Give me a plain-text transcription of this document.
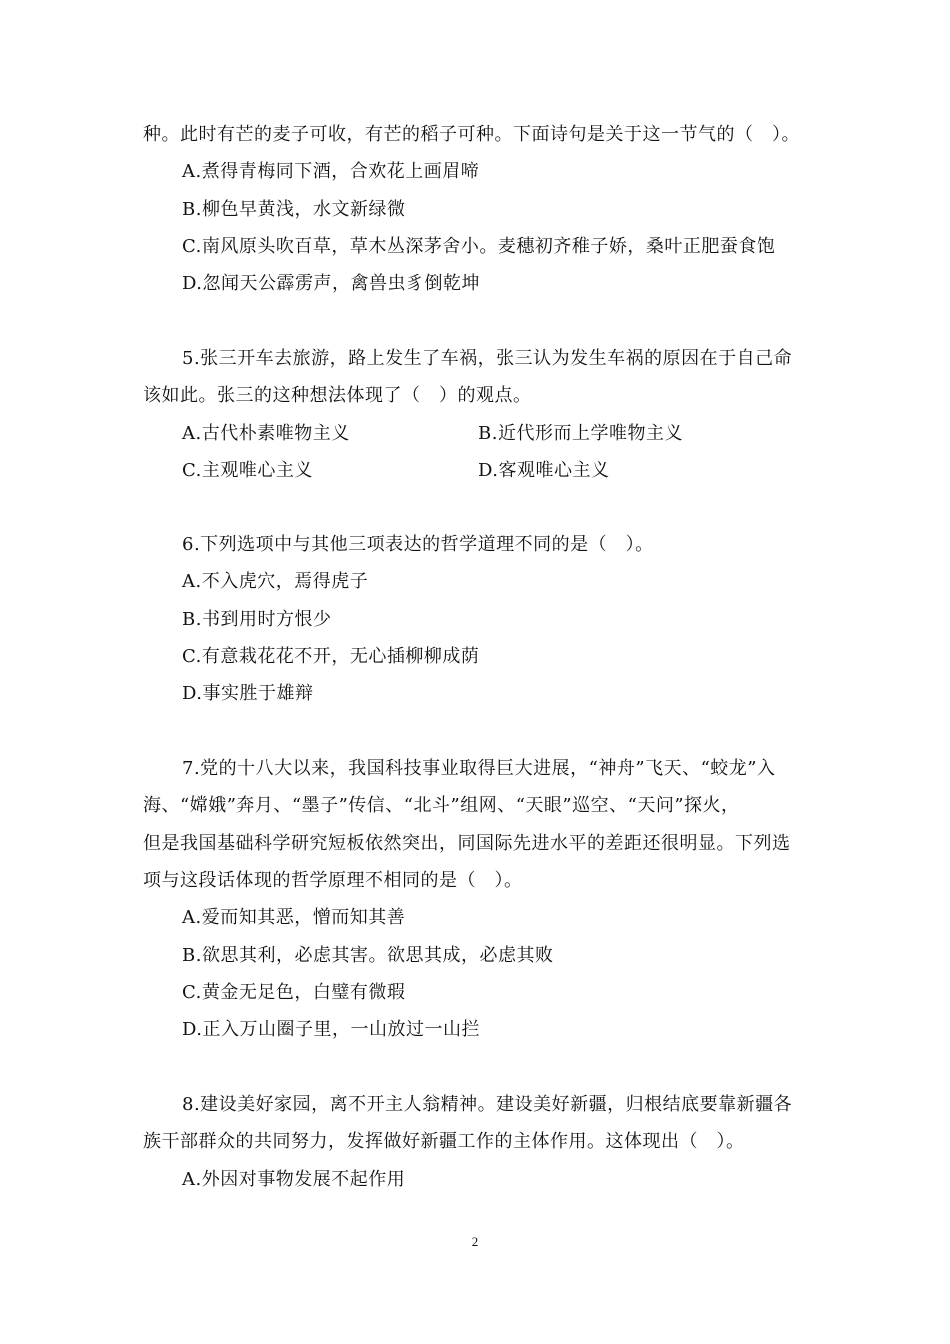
种。此时有芒的麦子可收，有芒的稻子可种。下面诗句是关于这一节气的（　）。
A.煮得青梅同下酒，合欢花上画眉啼
B.柳色早黄浅，水文新绿微
C.南风原头吹百草，草木丛深茅舍小。麦穗初齐稚子娇，桑叶正肥蚕食饱
D.忽闻天公霹雳声，禽兽虫豸倒乾坤
5.张三开车去旅游，路上发生了车祸，张三认为发生车祸的原因在于自己命
该如此。张三的这种想法体现了（　）的观点。
A.古代朴素唯物主义	B.近代形而上学唯物主义
C.主观唯心主义	D.客观唯心主义
6.下列选项中与其他三项表达的哲学道理不同的是（　）。
A.不入虎穴，焉得虎子
B.书到用时方恨少
C.有意栽花花不开，无心插柳柳成荫
D.事实胜于雄辩
7.党的十八大以来，我国科技事业取得巨大进展，“神舟”飞天、“蛟龙”入
海、“嫦娥”奔月、“墨子”传信、“北斗”组网、“天眼”巡空、“天问”探火，
但是我国基础科学研究短板依然突出，同国际先进水平的差距还很明显。下列选
项与这段话体现的哲学原理不相同的是（　）。
A.爱而知其恶，憎而知其善
B.欲思其利，必虑其害。欲思其成，必虑其败
C.黄金无足色，白璧有微瑕
D.正入万山圈子里，一山放过一山拦
8.建设美好家园，离不开主人翁精神。建设美好新疆，归根结底要靠新疆各
族干部群众的共同努力，发挥做好新疆工作的主体作用。这体现出（　）。
A.外因对事物发展不起作用
2
